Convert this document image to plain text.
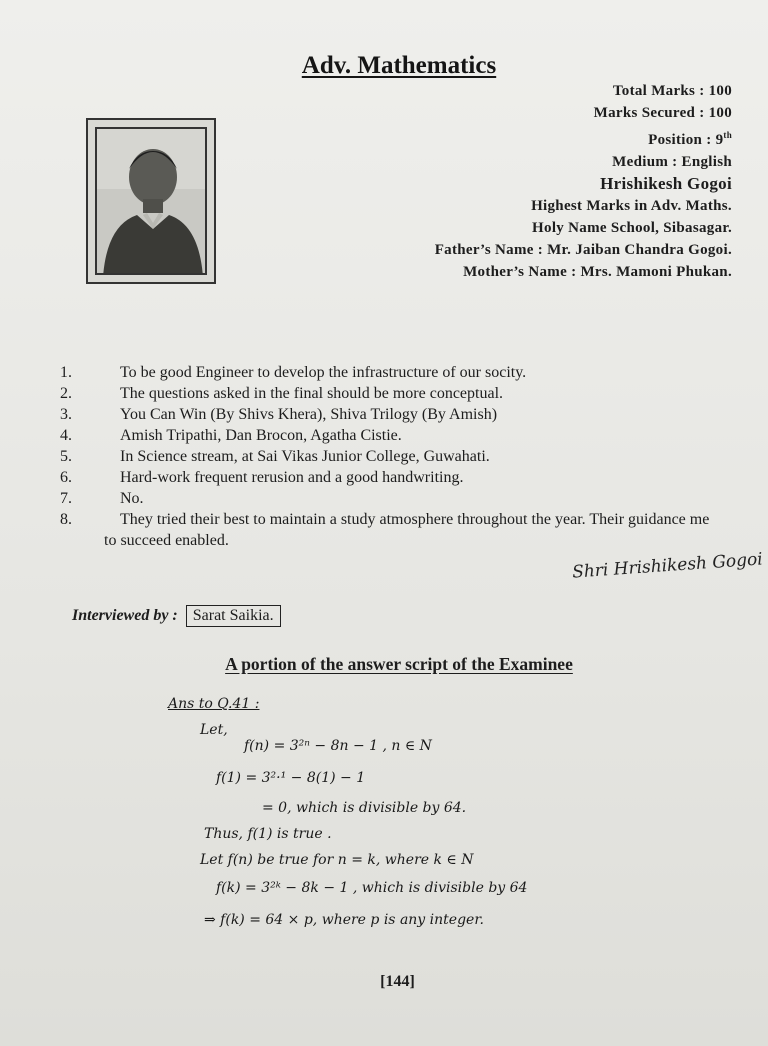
Adv. Mathematics
Total Marks : 100
Marks Secured : 100
Position : 9th
Medium : English
Hrishikesh Gogoi
Highest Marks in Adv. Maths.
Holy Name School, Sibasagar.
Father’s Name : Mr. Jaiban Chandra Gogoi.
Mother’s Name : Mrs. Mamoni Phukan.
1.	To be good Engineer to develop the infrastructure of our socity.
2.	The questions asked in the final should be more conceptual.
3.	You Can Win (By Shivs Khera), Shiva Trilogy (By Amish)
4.	Amish Tripathi, Dan Brocon, Agatha Cistie.
5.	In Science stream, at Sai Vikas Junior College, Guwahati.
6.	Hard-work frequent rerusion and a good handwriting.
7.	No.
8.	They tried their best to maintain a study atmosphere throughout the year. Their guidance me
to succeed enabled.
Shri Hrishikesh Gogoi
Interviewed by : Sarat Saikia.
A portion of the answer script of the Examinee
Ans to Q.41 :
Let,
f(n) = 3²ⁿ − 8n − 1 , n ∈ N
f(1) = 3²·¹ − 8(1) − 1
= 0, which is divisible by 64.
Thus, f(1) is true .
Let f(n) be true for n = k, where k ∈ N
f(k) = 3²ᵏ − 8k − 1 , which is divisible by 64
⇒ f(k) = 64 × p, where p is any integer.
[144]
